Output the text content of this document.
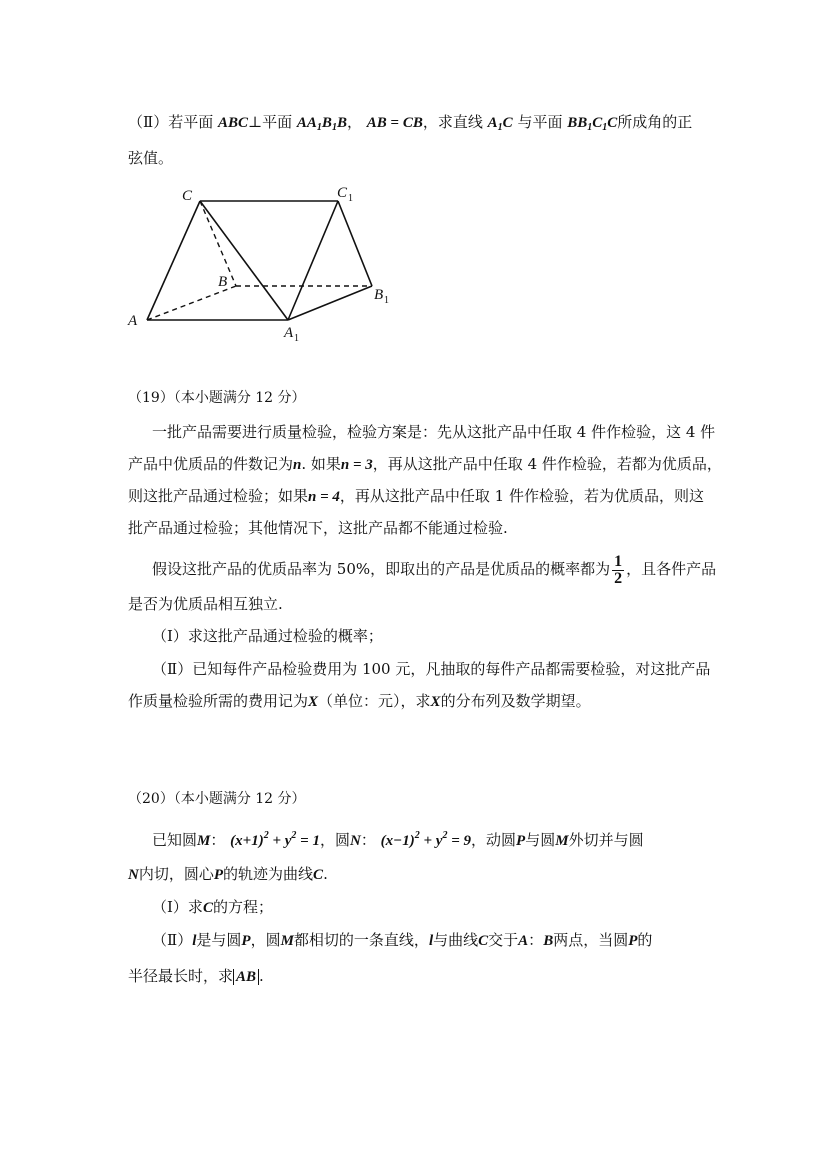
（Ⅱ）若平面 ABC⊥平面 $AA_1B_1B$， AB = CB，求直线 $A_1C$ 与平面 $BB_1C_1C$所成角的正
弦值。
C	C 1
B
B 1
A
A 1
（19）（本小题满分 12 分）
一批产品需要进行质量检验，检验方案是：先从这批产品中任取 4 件作检验，这 4 件
产品中优质品的件数记为n. 如果n = 3，再从这批产品中任取 4 件作检验，若都为优质品，
则这批产品通过检验；如果n = 4，再从这批产品中任取 1 件作检验，若为优质品，则这
批产品通过检验；其他情况下，这批产品都不能通过检验.
假设这批产品的优质品率为 50%，即取出的产品是优质品的概率都为 $\frac{1}{2}$ ，且各件产品
是否为优质品相互独立.
（Ⅰ）求这批产品通过检验的概率；
（Ⅱ）已知每件产品检验费用为 100 元，凡抽取的每件产品都需要检验，对这批产品
作质量检验所需的费用记为X（单位：元），求X的分布列及数学期望。
（20）（本小题满分 12 分）
已知圆M： $(x+1)^2 + y^2 = 1$，圆N： $(x-1)^2 + y^2 = 9$，动圆P与圆M外切并与圆
N内切，圆心P的轨迹为曲线C.
（Ⅰ）求C的方程；
（Ⅱ）l是与圆P，圆M都相切的一条直线，l与曲线C交于A：B两点，当圆P的
半径最长时，求 AB .
